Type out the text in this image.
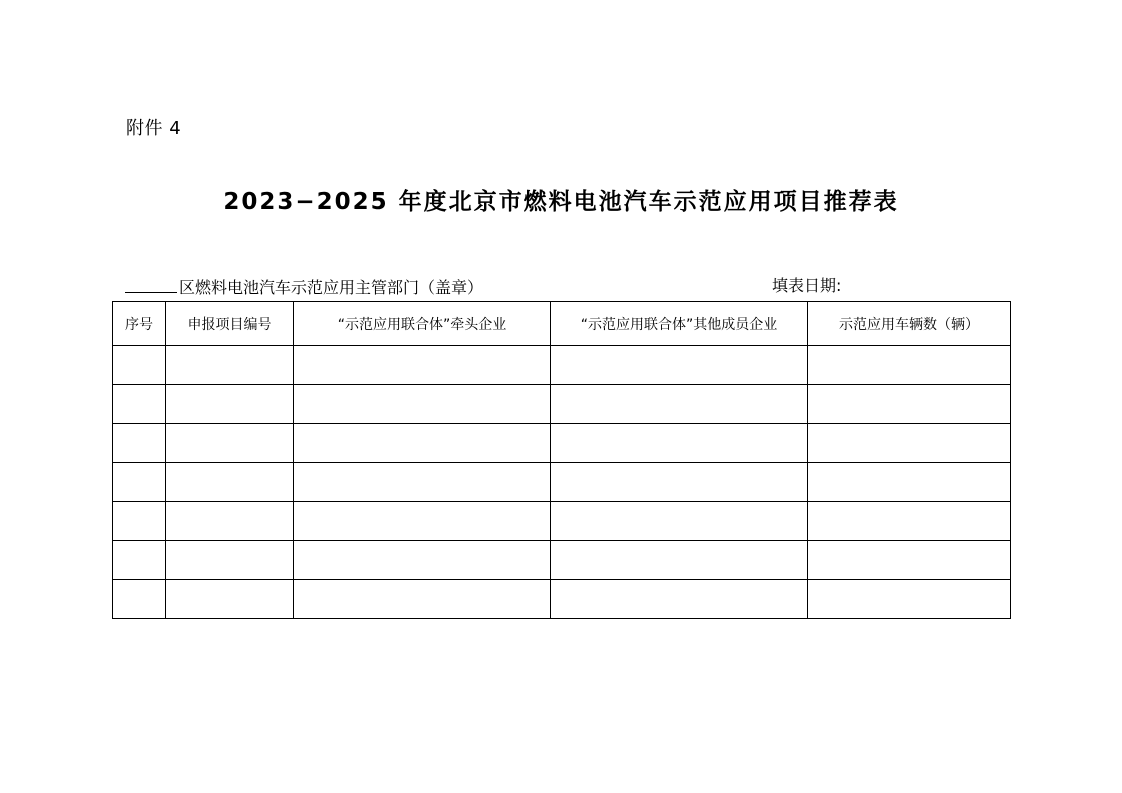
附件 4
2023−2025 年度北京市燃料电池汽车示范应用项目推荐表
区燃料电池汽车示范应用主管部门（盖章）	填表日期:
序号	申报项目编号	“示范应用联合体”牵头企业	“示范应用联合体”其他成员企业	示范应用车辆数（辆）
